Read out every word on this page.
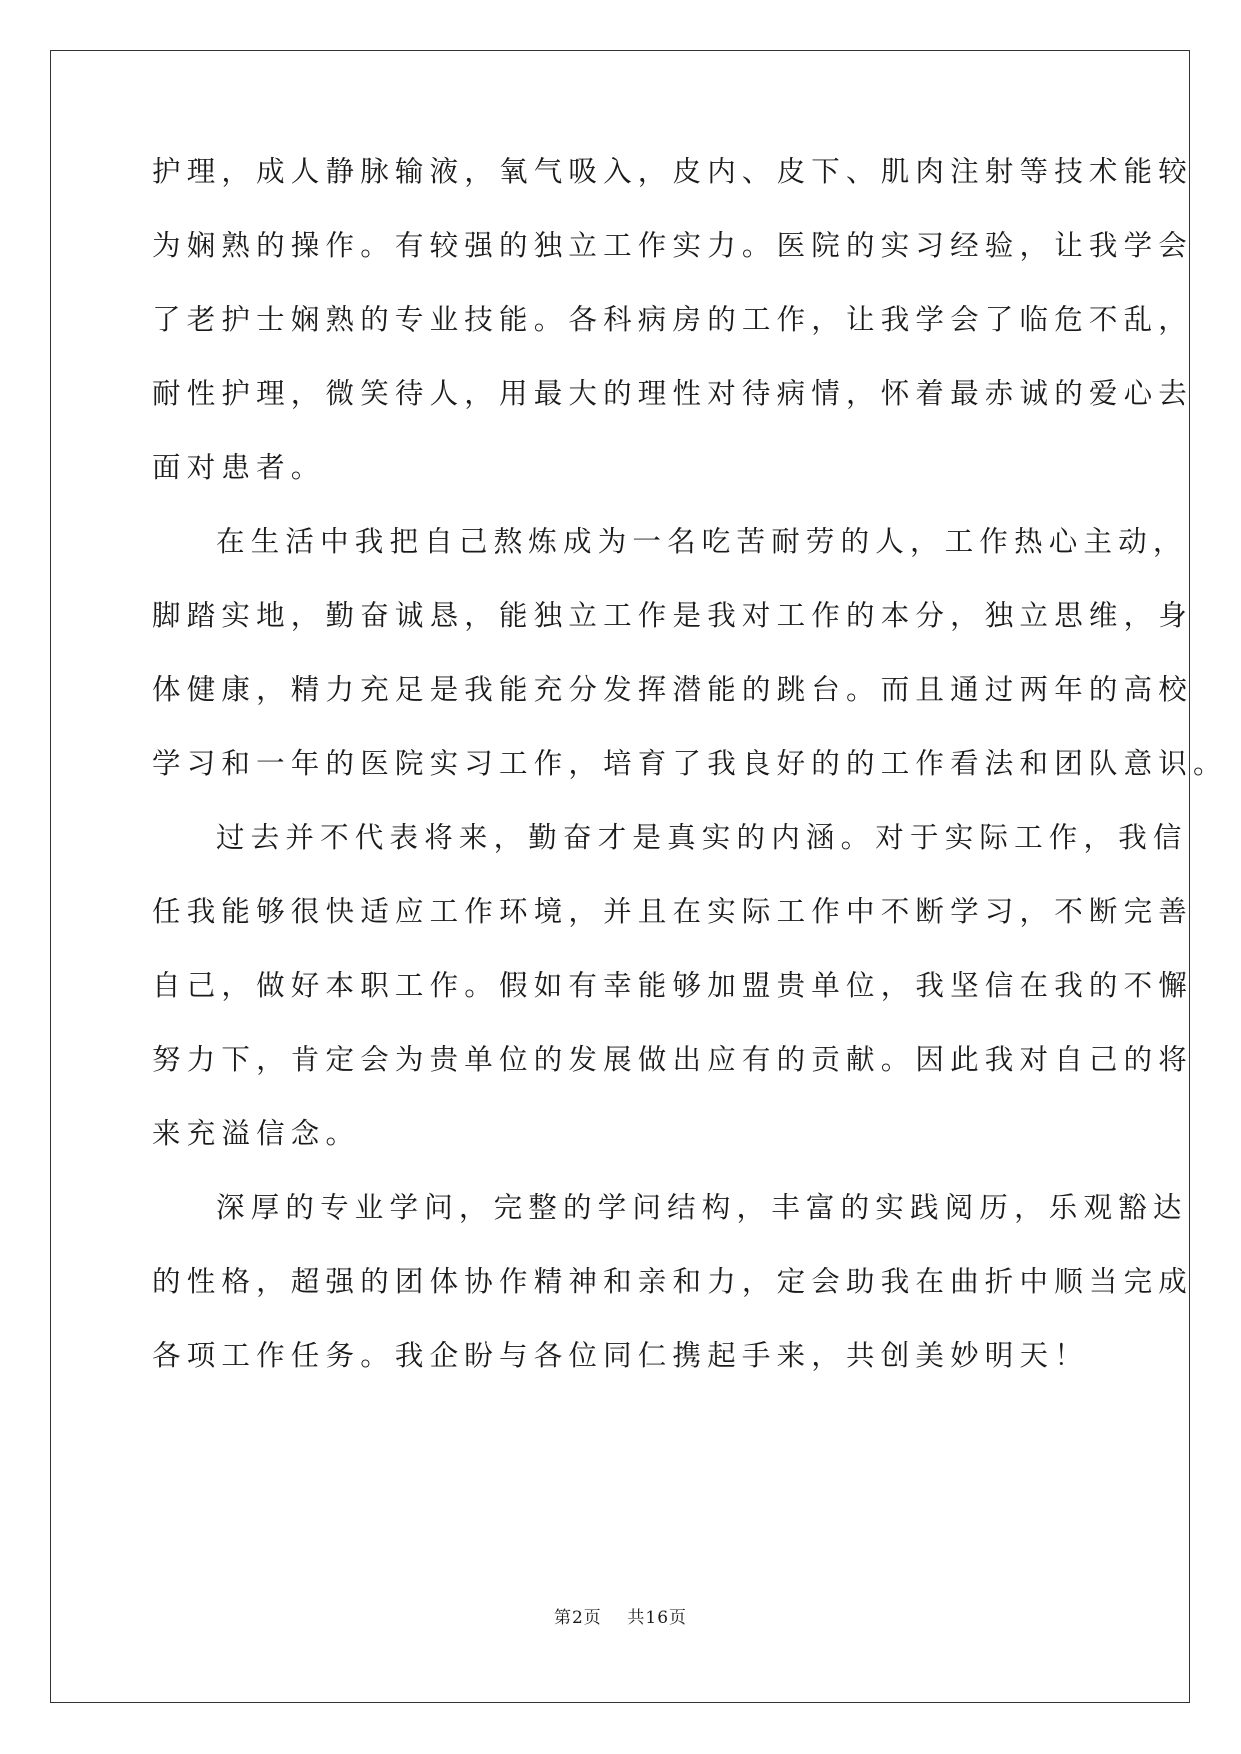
护理，成人静脉输液，氧气吸入，皮内、皮下、肌肉注射等技术能较

为娴熟的操作。有较强的独立工作实力。医院的实习经验，让我学会

了老护士娴熟的专业技能。各科病房的工作，让我学会了临危不乱，

耐性护理，微笑待人，用最大的理性对待病情，怀着最赤诚的爱心去

面对患者。

在生活中我把自己熬炼成为一名吃苦耐劳的人，工作热心主动，

脚踏实地，勤奋诚恳，能独立工作是我对工作的本分，独立思维，身

体健康，精力充足是我能充分发挥潜能的跳台。而且通过两年的高校

学习和一年的医院实习工作，培育了我良好的的工作看法和团队意识。

过去并不代表将来，勤奋才是真实的内涵。对于实际工作，我信

任我能够很快适应工作环境，并且在实际工作中不断学习，不断完善

自己，做好本职工作。假如有幸能够加盟贵单位，我坚信在我的不懈

努力下，肯定会为贵单位的发展做出应有的贡献。因此我对自己的将

来充溢信念。

深厚的专业学问，完整的学问结构，丰富的实践阅历，乐观豁达

的性格，超强的团体协作精神和亲和力，定会助我在曲折中顺当完成

各项工作任务。我企盼与各位同仁携起手来，共创美妙明天！

第2页    共16页
